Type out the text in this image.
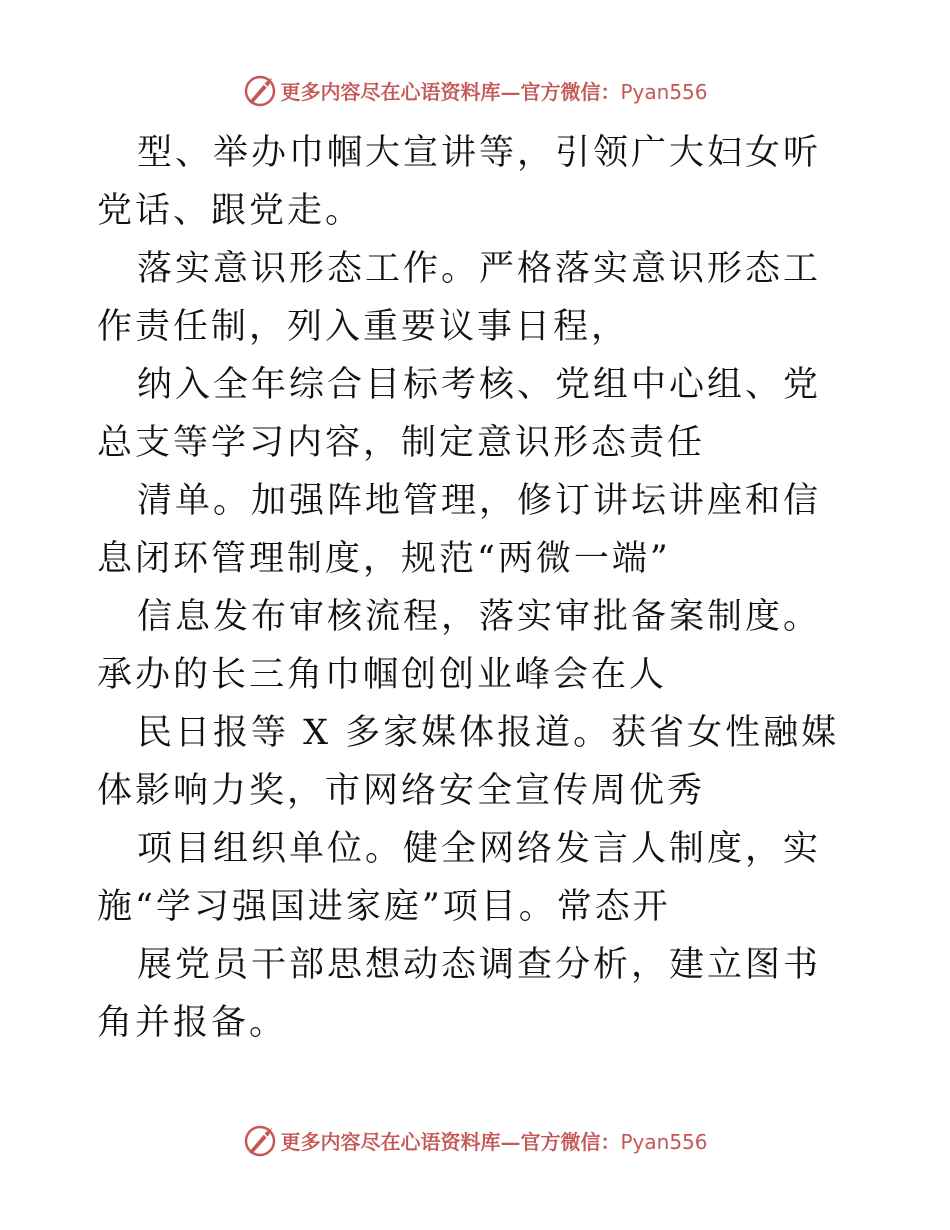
更多内容尽在心语资料库—官方微信：Pyan556

型、举办巾帼大宣讲等，引领广大妇女听党话、跟党走。

落实意识形态工作。严格落实意识形态工作责任制，列入重要议事日程，

纳入全年综合目标考核、党组中心组、党总支等学习内容，制定意识形态责任

清单。加强阵地管理，修订讲坛讲座和信息闭环管理制度，规范“两微一端”

信息发布审核流程，落实审批备案制度。承办的长三角巾帼创创业峰会在人

民日报等 X 多家媒体报道。获省女性融媒体影响力奖，市网络安全宣传周优秀

项目组织单位。健全网络发言人制度，实施“学习强国进家庭”项目。常态开

展党员干部思想动态调查分析，建立图书角并报备。

更多内容尽在心语资料库—官方微信：Pyan556
